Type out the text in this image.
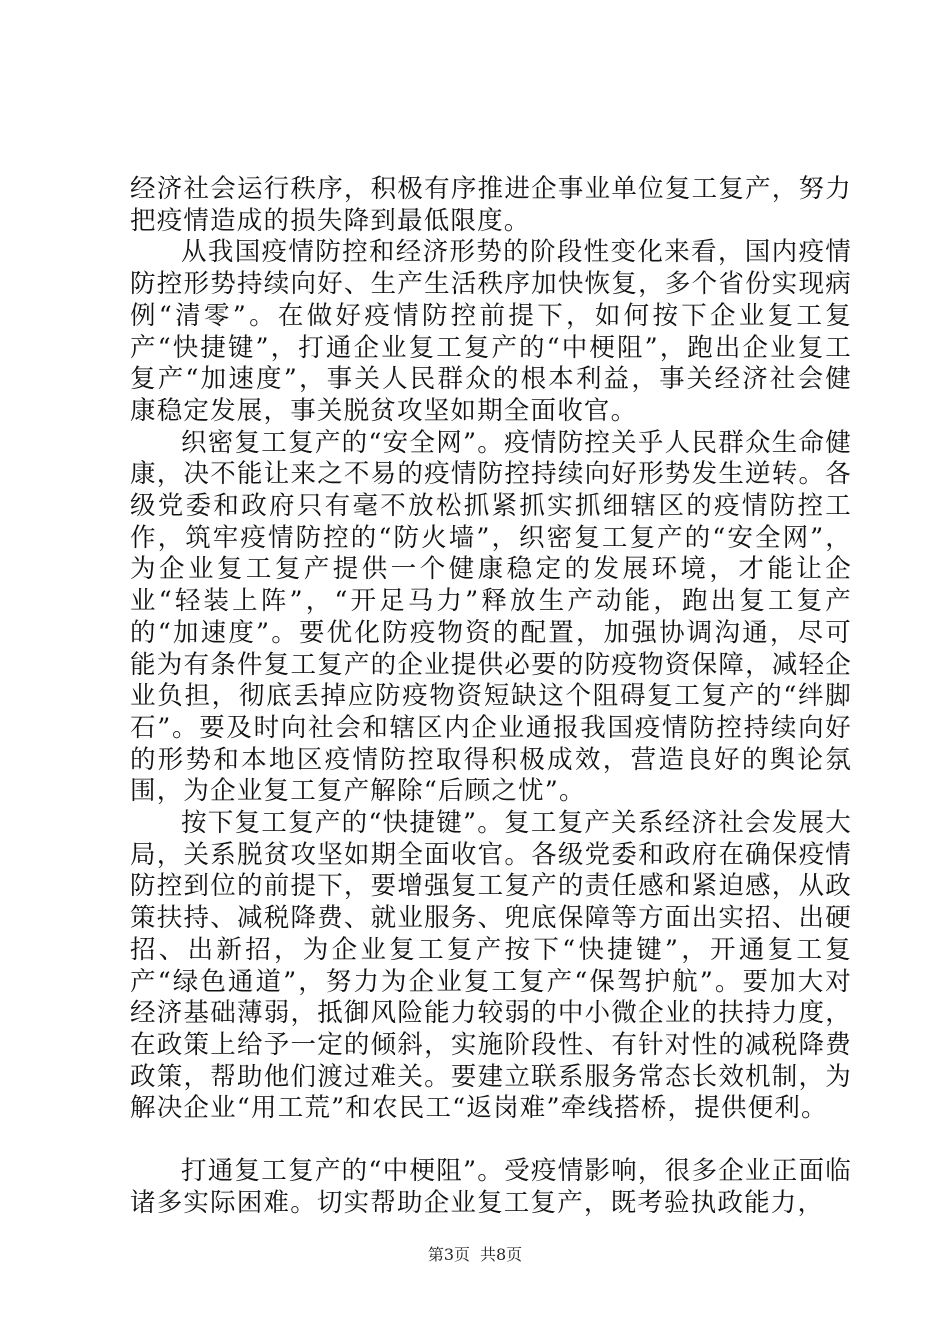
经济社会运行秩序，积极有序推进企事业单位复工复产，努力把疫情造成的损失降到最低限度。

从我国疫情防控和经济形势的阶段性变化来看，国内疫情防控形势持续向好、生产生活秩序加快恢复，多个省份实现病例“清零”。在做好疫情防控前提下，如何按下企业复工复产“快捷键”，打通企业复工复产的“中梗阻”，跑出企业复工复产“加速度”，事关人民群众的根本利益，事关经济社会健康稳定发展，事关脱贫攻坚如期全面收官。

织密复工复产的“安全网”。疫情防控关乎人民群众生命健康，决不能让来之不易的疫情防控持续向好形势发生逆转。各级党委和政府只有毫不放松抓紧抓实抓细辖区的疫情防控工作，筑牢疫情防控的“防火墙”，织密复工复产的“安全网”，为企业复工复产提供一个健康稳定的发展环境，才能让企业“轻装上阵”，“开足马力”释放生产动能，跑出复工复产的“加速度”。要优化防疫物资的配置，加强协调沟通，尽可能为有条件复工复产的企业提供必要的防疫物资保障，减轻企业负担，彻底丢掉应防疫物资短缺这个阻碍复工复产的“绊脚石”。要及时向社会和辖区内企业通报我国疫情防控持续向好的形势和本地区疫情防控取得积极成效，营造良好的舆论氛围，为企业复工复产解除“后顾之忧”。

按下复工复产的“快捷键”。复工复产关系经济社会发展大局，关系脱贫攻坚如期全面收官。各级党委和政府在确保疫情防控到位的前提下，要增强复工复产的责任感和紧迫感，从政策扶持、减税降费、就业服务、兜底保障等方面出实招、出硬招、出新招，为企业复工复产按下“快捷键”，开通复工复产“绿色通道”，努力为企业复工复产“保驾护航”。要加大对经济基础薄弱，抵御风险能力较弱的中小微企业的扶持力度，在政策上给予一定的倾斜，实施阶段性、有针对性的减税降费政策，帮助他们渡过难关。要建立联系服务常态长效机制，为解决企业“用工荒”和农民工“返岗难”牵线搭桥，提供便利。

打通复工复产的“中梗阻”。受疫情影响，很多企业正面临诸多实际困难。切实帮助企业复工复产，既考验执政能力，

第3页 共8页
